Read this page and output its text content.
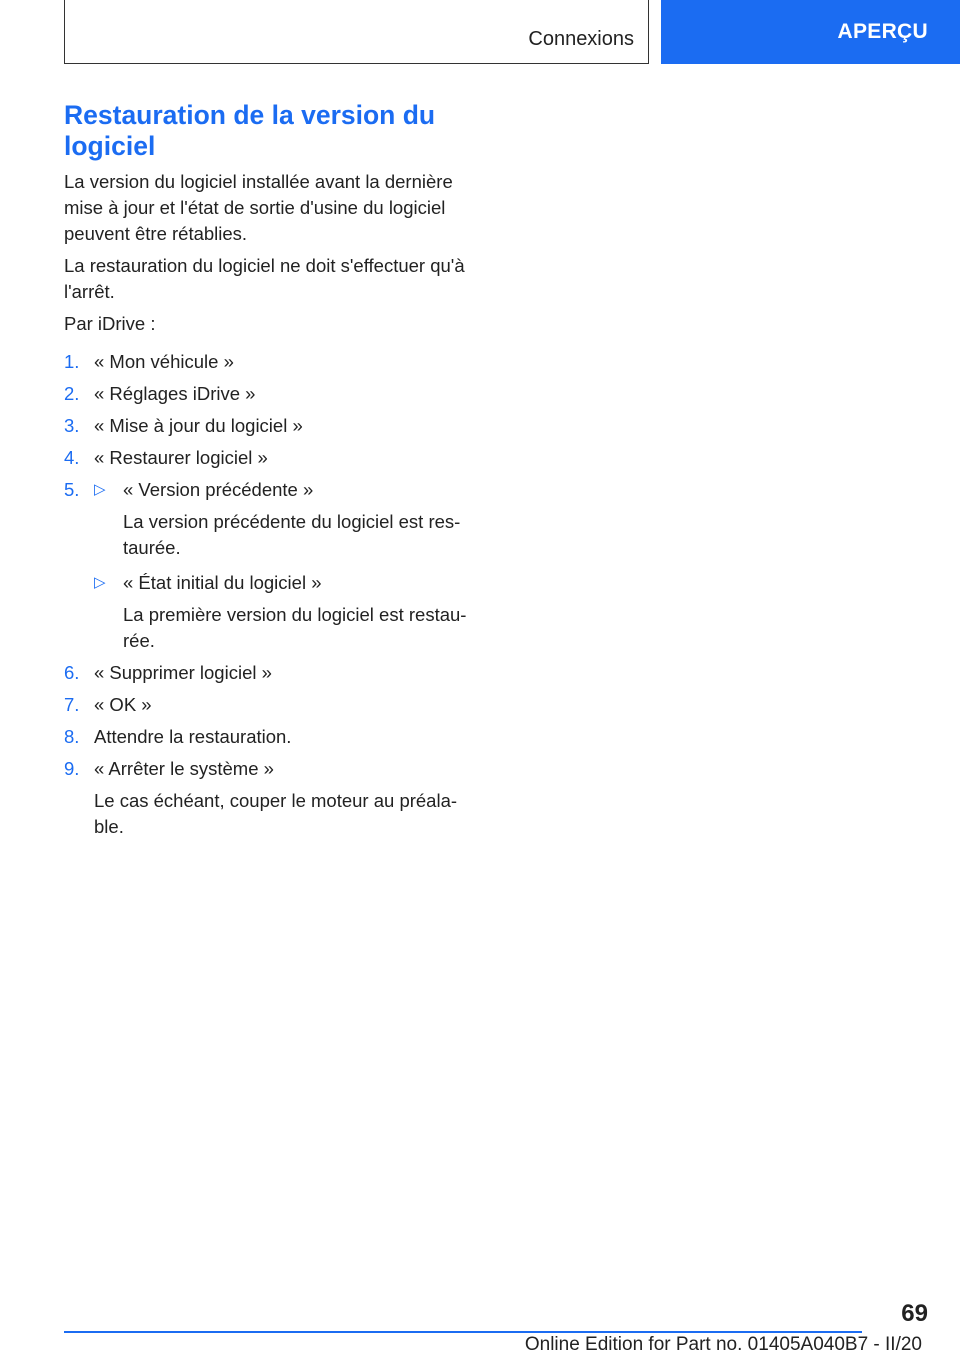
Connexions	APERÇU
Restauration de la version du logiciel

La version du logiciel installée avant la dernière mise à jour et l'état de sortie d'usine du logiciel peuvent être rétablies.

La restauration du logiciel ne doit s'effectuer qu'à l'arrêt.

Par iDrive :

1. « Mon véhicule »
2. « Réglages iDrive »
3. « Mise à jour du logiciel »
4. « Restaurer logiciel »
5. ▷ « Version précédente »
La version précédente du logiciel est res-taurée.
▷ « État initial du logiciel »
La première version du logiciel est restau-rée.
6. « Supprimer logiciel »
7. « OK »
8. Attendre la restauration.
9. « Arrêter le système »
Le cas échéant, couper le moteur au préala-ble.
69
Online Edition for Part no. 01405A040B7 - II/20
